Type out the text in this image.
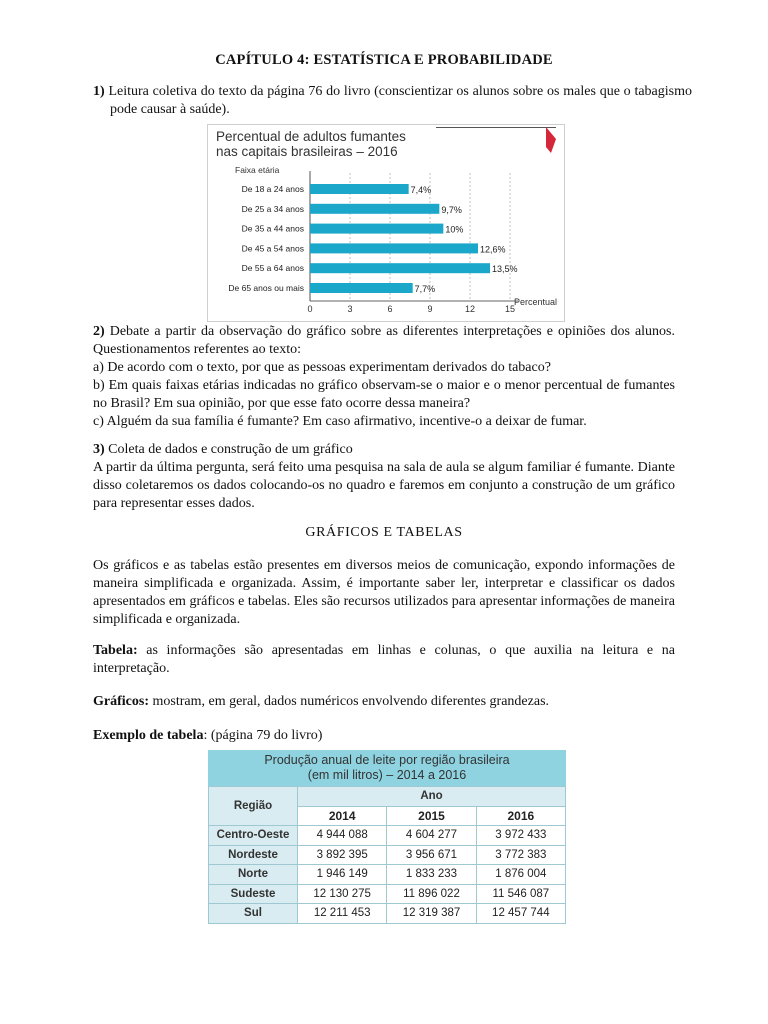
CAPÍTULO 4: ESTATÍSTICA E PROBABILIDADE
1) Leitura coletiva do texto da página 76 do livro (conscientizar os alunos sobre os males que o tabagismo pode causar à saúde).
2) Debate a partir da observação do gráfico sobre as diferentes interpretações e opiniões dos alunos. Questionamentos referentes ao texto:
a) De acordo com o texto, por que as pessoas experimentam derivados do tabaco?
b) Em quais faixas etárias indicadas no gráfico observam-se o maior e o menor percentual de fumantes no Brasil? Em sua opinião, por que esse fato ocorre dessa maneira?
c) Alguém da sua família é fumante? Em caso afirmativo, incentive-o a deixar de fumar.
3) Coleta de dados e construção de um gráfico
A partir da última pergunta, será feito uma pesquisa na sala de aula se algum familiar é fumante. Diante disso coletaremos os dados colocando-os no quadro e faremos em conjunto a construção de um gráfico para representar esses dados.
GRÁFICOS E TABELAS
Os gráficos e as tabelas estão presentes em diversos meios de comunicação, expondo informações de maneira simplificada e organizada. Assim, é importante saber ler, interpretar e classificar os dados apresentados em gráficos e tabelas. Eles são recursos utilizados para apresentar informações de maneira simplificada e organizada.
Tabela: as informações são apresentadas em linhas e colunas, o que auxilia na leitura e na interpretação.
Gráficos: mostram, em geral, dados numéricos envolvendo diferentes grandezas.
Exemplo de tabela: (página 79 do livro)
Percentual de adultos fumantes
nas capitais brasileiras – 2016
Faixa etária
Percentual
0	3	6	9	12	15
De 18 a 24 anos	7,4%
De 25 a 34 anos	9,7%
De 35 a 44 anos	10%
De 45 a 54 anos	12,6%
De 55 a 64 anos	13,5%
De 65 anos ou mais	7,7%
Produção anual de leite por região brasileira
(em mil litros) – 2014 a 2016
Região	Ano		
	2014	2015	2016
Centro-Oeste	4 944 088	4 604 277	3 972 433
Nordeste	3 892 395	3 956 671	3 772 383
Norte	1 946 149	1 833 233	1 876 004
Sudeste	12 130 275	11 896 022	11 546 087
Sul	12 211 453	12 319 387	12 457 744
